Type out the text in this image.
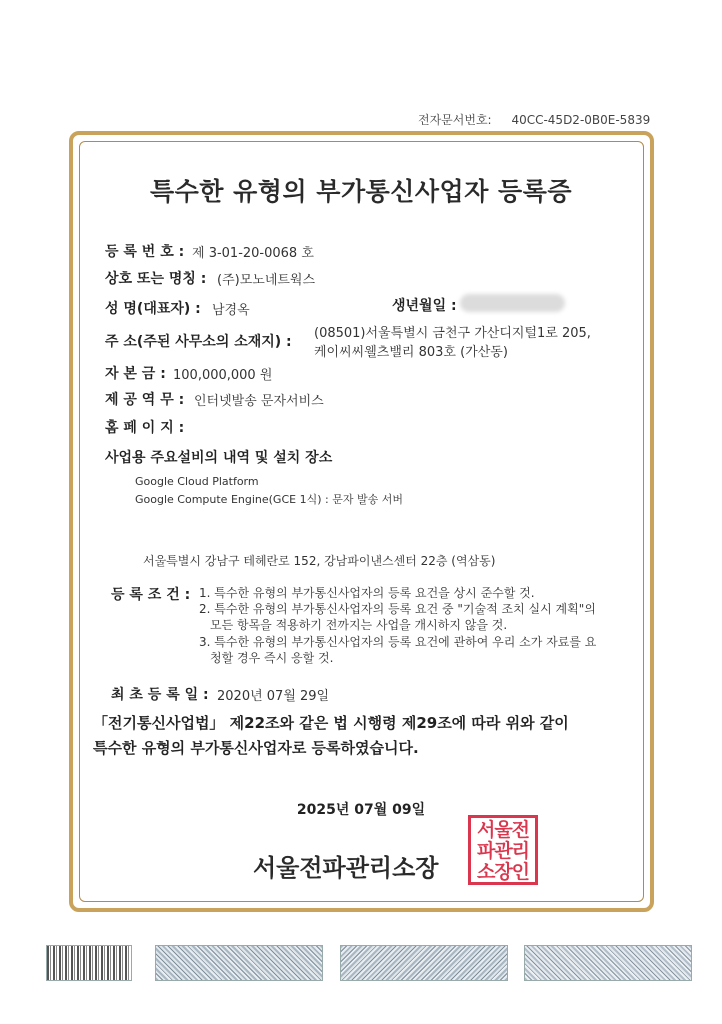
전자문서번호: 40CC-45D2-0B0E-5839
특수한 유형의 부가통신사업자 등록증
등 록 번 호 : 제 3-01-20-0068 호
상호 또는 명칭 : (주)모노네트웍스
성 명(대표자) : 남경옥	생년월일 :
주 소(주된 사무소의 소재지) :
(08501)서울특별시 금천구 가산디지털1로 205,
케이씨씨웰츠밸리 803호 (가산동)
자 본 금 : 100,000,000 원
제 공 역 무 : 인터넷발송 문자서비스
홈 페 이 지 :
사업용 주요설비의 내역 및 설치 장소
Google Cloud Platform
Google Compute Engine(GCE 1식) : 문자 발송 서버
서울특별시 강남구 테헤란로 152, 강남파이낸스센터 22층 (역삼동)
등 록 조 건 : 1. 특수한 유형의 부가통신사업자의 등록 요건을 상시 준수할 것.
2. 특수한 유형의 부가통신사업자의 등록 요건 중 "기술적 조치 실시 계획"의
모든 항목을 적용하기 전까지는 사업을 개시하지 않을 것.
3. 특수한 유형의 부가통신사업자의 등록 요건에 관하여 우리 소가 자료를 요
청할 경우 즉시 응할 것.
최 초 등 록 일 : 2020년 07월 29일
「전기통신사업법」 제22조와 같은 법 시행령 제29조에 따라 위와 같이
특수한 유형의 부가통신사업자로 등록하였습니다.
2025년 07월 09일
서울전파관리소장
서울전
파관리
소장인
